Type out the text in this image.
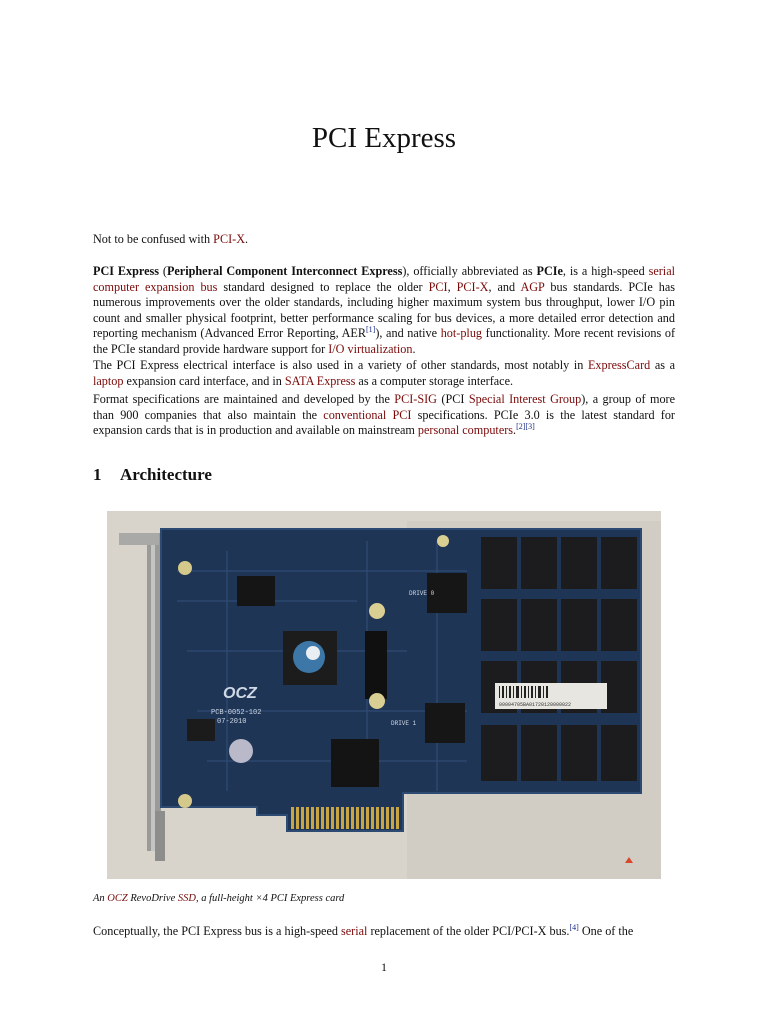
PCI Express

Not to be confused with PCI-X.

PCI Express (Peripheral Component Interconnect Express), officially abbreviated as PCIe, is a high-speed serial computer expansion bus standard designed to replace the older PCI, PCI-X, and AGP bus standards. PCIe has numerous improvements over the older standards, including higher maximum system bus throughput, lower I/O pin count and smaller physical footprint, better performance scaling for bus devices, a more detailed error detection and reporting mechanism (Advanced Error Reporting, AER[1]), and native hot-plug functionality. More recent revisions of the PCIe standard provide hardware support for I/O virtualization.

The PCI Express electrical interface is also used in a variety of other standards, most notably in ExpressCard as a laptop expansion card interface, and in SATA Express as a computer storage interface.

Format specifications are maintained and developed by the PCI-SIG (PCI Special Interest Group), a group of more than 900 companies that also maintain the conventional PCI specifications. PCIe 3.0 is the latest standard for expansion cards that is in production and available on mainstream personal computers.[2][3]

1 Architecture
00004705BA01720120000022
OCZ
PCB-0052-102
07-2010
DRIVE 0
DRIVE 1

An OCZ RevoDrive SSD, a full-height ×4 PCI Express card

Conceptually, the PCI Express bus is a high-speed serial replacement of the older PCI/PCI-X bus.[4] One of the

1
